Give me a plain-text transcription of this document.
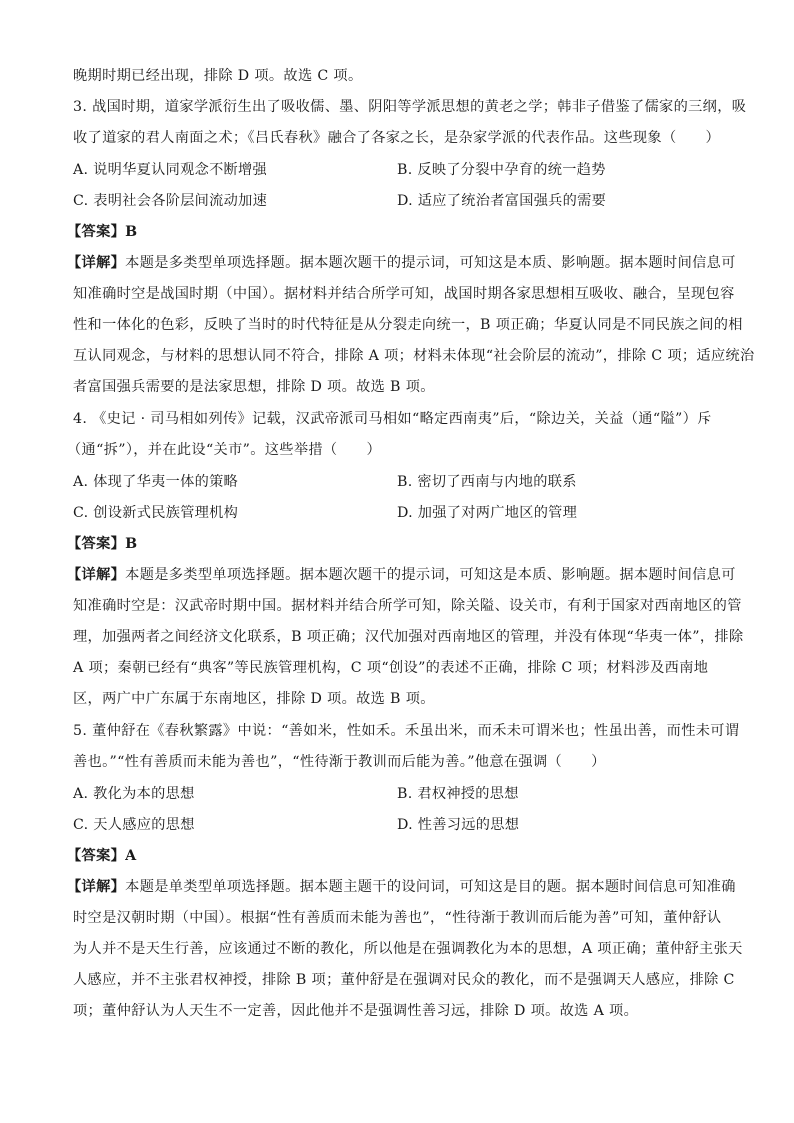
晚期时期已经出现，排除 D 项。故选 C 项。
3. 战国时期，道家学派衍生出了吸收儒、墨、阴阳等学派思想的黄老之学；韩非子借鉴了儒家的三纲，吸
收了道家的君人南面之术；《吕氏春秋》融合了各家之长，是杂家学派的代表作品。这些现象（　　）
A. 说明华夏认同观念不断增强	B. 反映了分裂中孕育的统一趋势
C. 表明社会各阶层间流动加速	D. 适应了统治者富国强兵的需要
【答案】B
【详解】本题是多类型单项选择题。据本题次题干的提示词，可知这是本质、影响题。据本题时间信息可
知准确时空是战国时期（中国）。据材料并结合所学可知，战国时期各家思想相互吸收、融合，呈现包容
性和一体化的色彩，反映了当时的时代特征是从分裂走向统一，B 项正确；华夏认同是不同民族之间的相
互认同观念，与材料的思想认同不符合，排除 A 项；材料未体现“社会阶层的流动”，排除 C 项；适应统治
者富国强兵需要的是法家思想，排除 D 项。故选 B 项。
4. 《史记 · 司马相如列传》记载，汉武帝派司马相如“略定西南夷”后，“除边关，关益（通“隘”）斥
（通“拆”），并在此设“关市”。这些举措（　　）
A. 体现了华夷一体的策略	B. 密切了西南与内地的联系
C. 创设新式民族管理机构	D. 加强了对两广地区的管理
【答案】B
【详解】本题是多类型单项选择题。据本题次题干的提示词，可知这是本质、影响题。据本题时间信息可
知准确时空是：汉武帝时期中国。据材料并结合所学可知，除关隘、设关市，有利于国家对西南地区的管
理，加强两者之间经济文化联系，B 项正确；汉代加强对西南地区的管理，并没有体现“华夷一体”，排除
A 项；秦朝已经有“典客”等民族管理机构，C 项“创设”的表述不正确，排除 C 项；材料涉及西南地
区，两广中广东属于东南地区，排除 D 项。故选 B 项。
5. 董仲舒在《春秋繁露》中说：“善如米，性如禾。禾虽出米，而禾未可谓米也；性虽出善，而性未可谓
善也。”“性有善质而未能为善也”，“性待渐于教训而后能为善。”他意在强调（　　）
A. 教化为本的思想	B. 君权神授的思想
C. 天人感应的思想	D. 性善习远的思想
【答案】A
【详解】本题是单类型单项选择题。据本题主题干的设问词，可知这是目的题。据本题时间信息可知准确
时空是汉朝时期（中国）。根据“性有善质而未能为善也”，“性待渐于教训而后能为善”可知，董仲舒认
为人并不是天生行善，应该通过不断的教化，所以他是在强调教化为本的思想，A 项正确；董仲舒主张天
人感应，并不主张君权神授，排除 B 项；董仲舒是在强调对民众的教化，而不是强调天人感应，排除 C
项；董仲舒认为人天生不一定善，因此他并不是强调性善习远，排除 D 项。故选 A 项。
